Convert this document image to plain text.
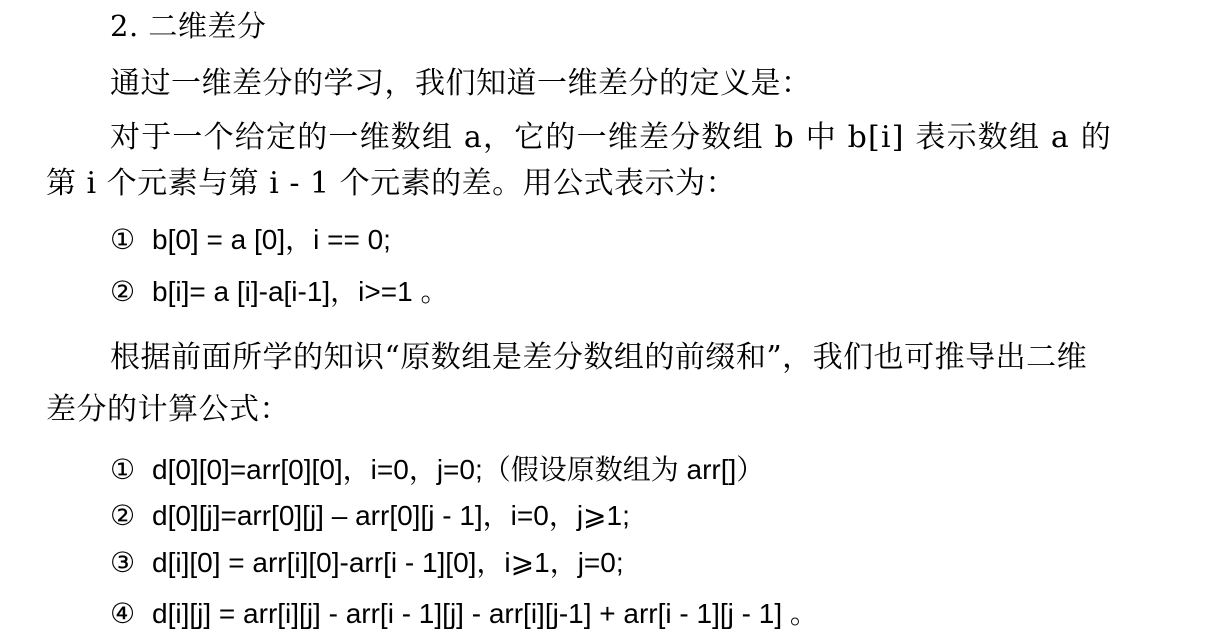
2. 二维差分
通过一维差分的学习，我们知道一维差分的定义是：
对于一个给定的一维数组 a，它的一维差分数组 b 中 b[i] 表示数组 a 的
第 i 个元素与第 i - 1 个元素的差。用公式表示为：
① b[0] = a [0]，i == 0;
② b[i]= a [i]-a[i-1]，i>=1 。
根据前面所学的知识“原数组是差分数组的前缀和”，我们也可推导出二维
差分的计算公式：
① d[0][0]=arr[0][0]，i=0，j=0;（假设原数组为 arr[]）
② d[0][j]=arr[0][j] – arr[0][j - 1]，i=0，j⩾1;
③ d[i][0] = arr[i][0]-arr[i - 1][0]，i⩾1，j=0;
④ d[i][j] = arr[i][j] - arr[i - 1][j] - arr[i][j-1] + arr[i - 1][j - 1] 。
